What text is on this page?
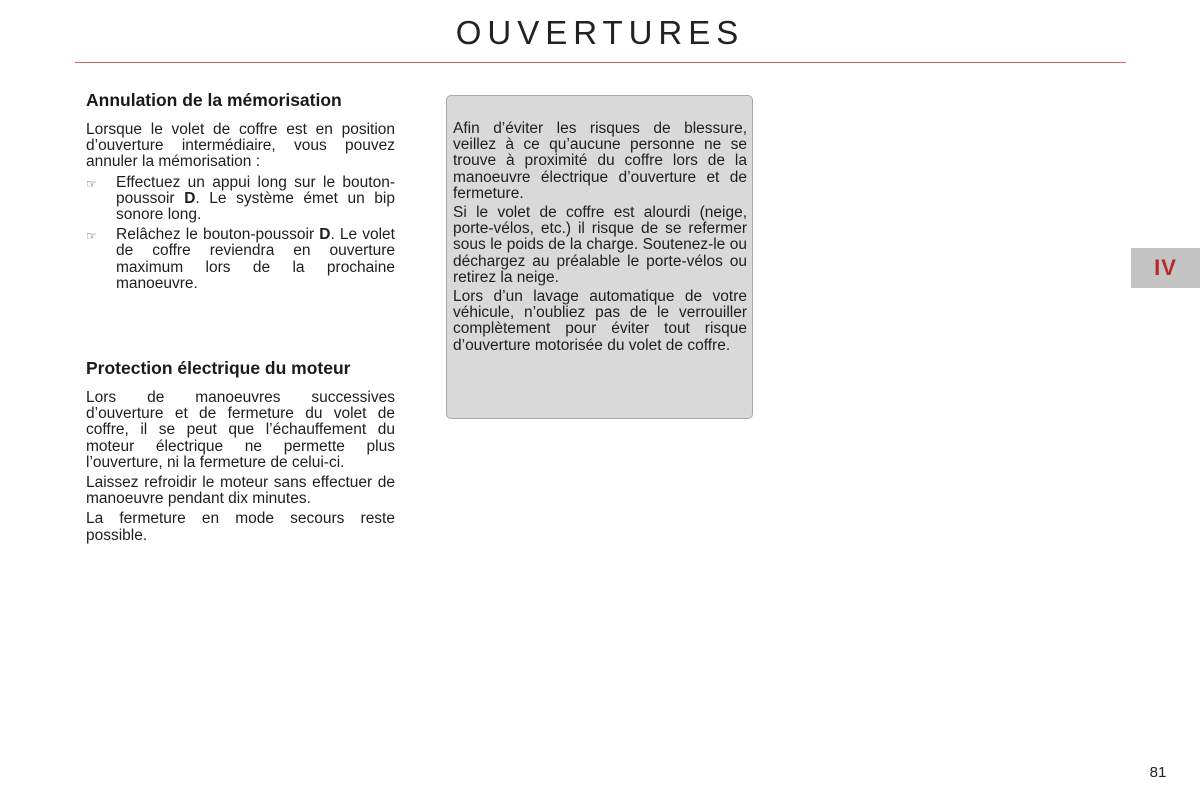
OUVERTURES
Annulation de la mémorisation

Lorsque le volet de coffre est en position d’ouverture intermédiaire, vous pouvez annuler la mémorisation :

☞ Effectuez un appui long sur le bouton-poussoir D. Le système émet un bip sonore long.
☞ Relâchez le bouton-poussoir D. Le volet de coffre reviendra en ouverture maximum lors de la prochaine manoeuvre.
Protection électrique du moteur

Lors de manoeuvres successives d’ouverture et de fermeture du volet de coffre, il se peut que l’échauffement du moteur électrique ne permette plus l’ouverture, ni la fermeture de celui-ci.

Laissez refroidir le moteur sans effectuer de manoeuvre pendant dix minutes.

La fermeture en mode secours reste possible.

Afin d’éviter les risques de blessure, veillez à ce qu’aucune personne ne se trouve à proximité du coffre lors de la manoeuvre électrique d’ouverture et de fermeture.

Si le volet de coffre est alourdi (neige, porte-vélos, etc.) il risque de se refermer sous le poids de la charge. Soutenez-le ou déchargez au préalable le porte-vélos ou retirez la neige.

Lors d’un lavage automatique de votre véhicule, n’oubliez pas de le verrouiller complètement pour éviter tout risque d’ouverture motorisée du volet de coffre.

IV
81
